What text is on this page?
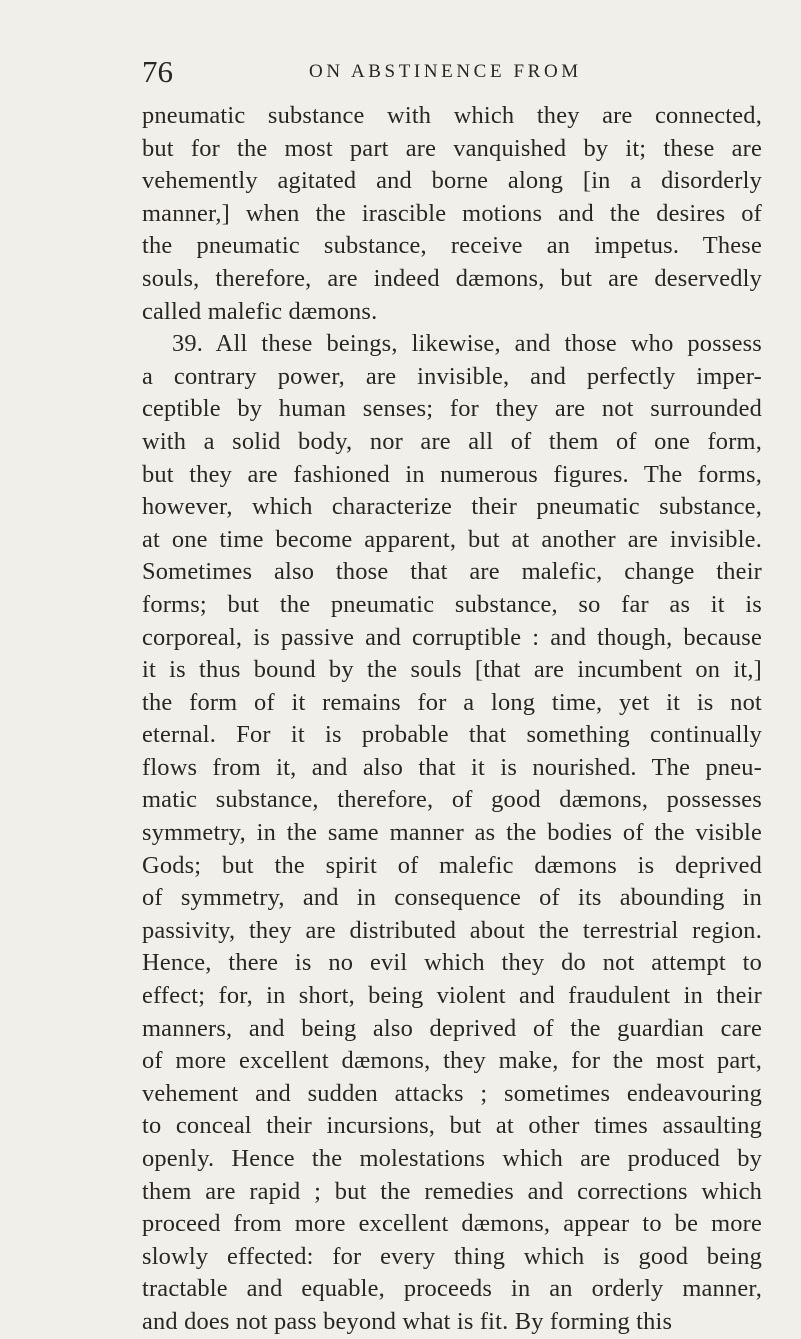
76	ON ABSTINENCE FROM
pneumatic substance with which they are connected,
but for the most part are vanquished by it; these are
vehemently agitated and borne along [in a disorderly
manner,] when the irascible motions and the desires of
the pneumatic substance, receive an impetus. These
souls, therefore, are indeed dæmons, but are deservedly
called malefic dæmons.
39. All these beings, likewise, and those who possess
a contrary power, are invisible, and perfectly imper-
ceptible by human senses; for they are not surrounded
with a solid body, nor are all of them of one form,
but they are fashioned in numerous figures. The forms,
however, which characterize their pneumatic substance,
at one time become apparent, but at another are invisible.
Sometimes also those that are malefic, change their
forms; but the pneumatic substance, so far as it is
corporeal, is passive and corruptible : and though, because
it is thus bound by the souls [that are incumbent on it,]
the form of it remains for a long time, yet it is not
eternal. For it is probable that something continually
flows from it, and also that it is nourished. The pneu-
matic substance, therefore, of good dæmons, possesses
symmetry, in the same manner as the bodies of the visible
Gods; but the spirit of malefic dæmons is deprived
of symmetry, and in consequence of its abounding in
passivity, they are distributed about the terrestrial region.
Hence, there is no evil which they do not attempt to
effect; for, in short, being violent and fraudulent in their
manners, and being also deprived of the guardian care
of more excellent dæmons, they make, for the most part,
vehement and sudden attacks ; sometimes endeavouring
to conceal their incursions, but at other times assaulting
openly. Hence the molestations which are produced by
them are rapid ; but the remedies and corrections which
proceed from more excellent dæmons, appear to be more
slowly effected: for every thing which is good being
tractable and equable, proceeds in an orderly manner,
and does not pass beyond what is fit. By forming this
